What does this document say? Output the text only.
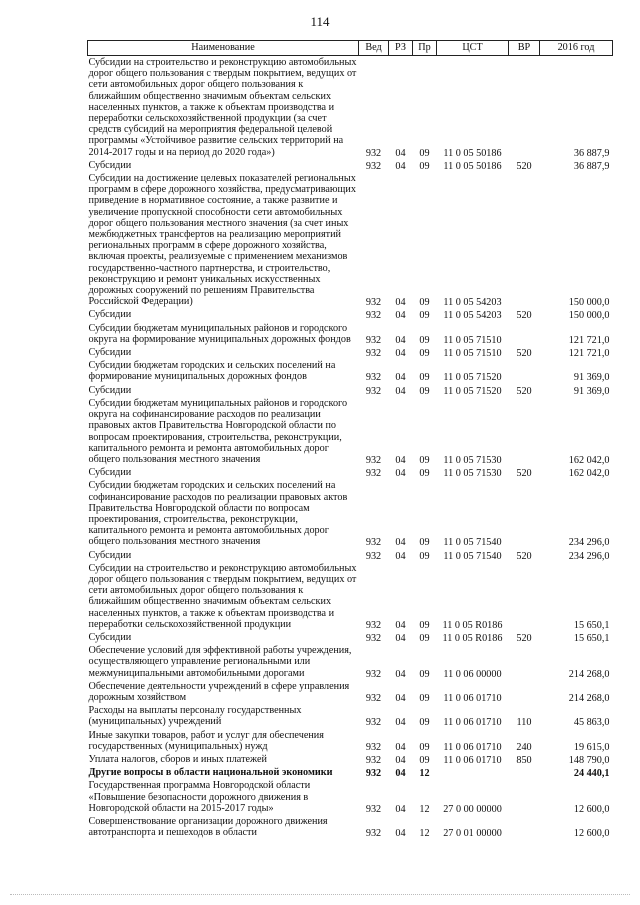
114
Наименование	Вед	РЗ	Пр	ЦСТ	ВР	2016 год
Субсидии на строительство и реконструкцию автомобильных дорог общего пользования с твердым покрытием, ведущих от сети автомобильных дорог общего пользования к ближайшим общественно значимым объектам сельских населенных пунктов, а также к объектам производства и переработки сельскохозяйственной продукции (за счет средств субсидий на мероприятия федеральной целевой программы «Устойчивое развитие сельских территорий на 2014-2017 годы и на период до 2020 года»)	932	04	09	11 0 05 50186		36 887,9
Субсидии	932	04	09	11 0 05 50186	520	36 887,9
Субсидии на достижение целевых показателей региональных программ в сфере дорожного хозяйства, предусматривающих приведение в нормативное состояние, а также развитие и увеличение пропускной способности сети автомобильных дорог общего пользования местного значения (за счет иных межбюджетных трансфертов на реализацию мероприятий региональных программ в сфере дорожного хозяйства, включая проекты, реализуемые с применением механизмов государственно-частного партнерства, и строительство, реконструкцию и ремонт уникальных искусственных дорожных сооружений по решениям Правительства Российской Федерации)	932	04	09	11 0 05 54203		150 000,0
Субсидии	932	04	09	11 0 05 54203	520	150 000,0
Субсидии бюджетам муниципальных районов и городского округа на формирование муниципальных дорожных фондов	932	04	09	11 0 05 71510		121 721,0
Субсидии	932	04	09	11 0 05 71510	520	121 721,0
Субсидии бюджетам городских и сельских поселений на формирование муниципальных дорожных фондов	932	04	09	11 0 05 71520		91 369,0
Субсидии	932	04	09	11 0 05 71520	520	91 369,0
Субсидии бюджетам муниципальных районов и городского округа на софинансирование расходов по реализации правовых актов Правительства Новгородской области по вопросам проектирования, строительства, реконструкции, капитального ремонта и ремонта автомобильных дорог общего пользования местного значения	932	04	09	11 0 05 71530		162 042,0
Субсидии	932	04	09	11 0 05 71530	520	162 042,0
Субсидии бюджетам городских и сельских поселений на софинансирование расходов по реализации правовых актов Правительства Новгородской области по вопросам проектирования, строительства, реконструкции, капитального ремонта и ремонта автомобильных дорог общего пользования местного значения	932	04	09	11 0 05 71540		234 296,0
Субсидии	932	04	09	11 0 05 71540	520	234 296,0
Субсидии на строительство и реконструкцию автомобильных дорог общего пользования с твердым покрытием, ведущих от сети автомобильных дорог общего пользования к ближайшим общественно значимым объектам сельских населенных пунктов, а также к объектам производства и переработки сельскохозяйственной продукции	932	04	09	11 0 05 R0186		15 650,1
Субсидии	932	04	09	11 0 05 R0186	520	15 650,1
Обеспечение условий для эффективной работы учреждения, осуществляющего управление региональными или межмуниципальными автомобильными дорогами	932	04	09	11 0 06 00000		214 268,0
Обеспечение деятельности учреждений в сфере управления дорожным хозяйством	932	04	09	11 0 06 01710		214 268,0
Расходы на выплаты персоналу государственных (муниципальных) учреждений	932	04	09	11 0 06 01710	110	45 863,0
Иные закупки товаров, работ и услуг для обеспечения государственных (муниципальных) нужд	932	04	09	11 0 06 01710	240	19 615,0
Уплата налогов, сборов и иных платежей	932	04	09	11 0 06 01710	850	148 790,0
Другие вопросы в области национальной экономики	932	04	12			24 440,1
Государственная программа Новгородской области «Повышение безопасности дорожного движения в Новгородской области на 2015-2017 годы»	932	04	12	27 0 00 00000		12 600,0
Совершенствование организации дорожного движения автотранспорта и пешеходов в области	932	04	12	27 0 01 00000		12 600,0
